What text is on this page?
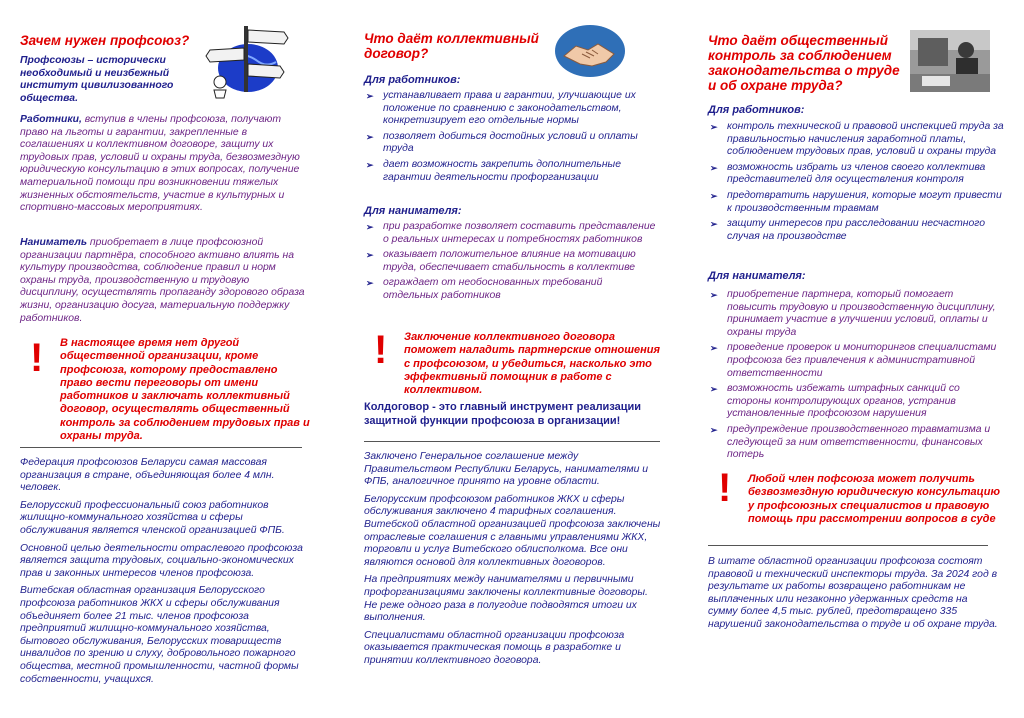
Зачем нужен профсоюз?
Профсоюзы – исторически необходимый и неизбежный институт цивилизованного общества.
Работники, вступив в члены профсоюза, получают право на льготы и гарантии, закрепленные в соглашениях и коллективном договоре, защиту их трудовых прав, условий и охраны труда, безвозмездную юридическую консультацию в этих вопросах, получение материальной помощи при возникновении тяжелых жизненных обстоятельств, участие в культурных и спортивно-массовых мероприятиях.
Наниматель приобретает в лице профсоюзной организации партнёра, способного активно влиять на культуру производства, соблюдение правил и норм охраны труда, производственную и трудовую дисциплину, осуществлять пропаганду здорового образа жизни, организацию досуга, материальную поддержку работников.
! В настоящее время нет другой общественной организации, кроме профсоюза, которому предоставлено право вести переговоры от имени работников и заключать коллективный договор, осуществлять общественный контроль за соблюдением трудовых прав и охраны труда.

Федерация профсоюзов Беларуси самая массовая организация в стране, объединяющая более 4 млн. человек.

Белорусский профессиональный союз работников жилищно-коммунального хозяйства и сферы обслуживания является членской организацией ФПБ.

Основной целью деятельности отраслевого профсоюза является защита трудовых, социально-экономических прав и законных интересов членов профсоюза.

Витебская областная организация Белорусского профсоюза работников ЖКХ и сферы обслуживания объединяет более 21 тыс. членов профсоюза предприятий жилищно-коммунального хозяйства, бытового обслуживания, Белорусских товариществ инвалидов по зрению и слуху, добровольного пожарного общества, местной промышленности, частной формы собственности, учащихся.

Что даёт коллективный договор?
Для работников:
➢ устанавливает права и гарантии, улучшающие их положение по сравнению с законодательством, конкретизирует его отдельные нормы
➢ позволяет добиться достойных условий и оплаты труда
➢ дает возможность закрепить дополнительные гарантии деятельности профорганизации
Для нанимателя:
➢ при разработке позволяет составить представление о реальных интересах и потребностях работников
➢ оказывает положительное влияние на мотивацию труда, обеспечивает стабильность в коллективе
➢ ограждает от необоснованных требований отдельных работников
! Заключение коллективного договора поможет наладить партнерские отношения с профсоюзом, и убедиться, насколько это эффективный помощник в работе с коллективом.
Колдоговор - это главный инструмент реализации защитной функции профсоюза в организации!

Заключено Генеральное соглашение между Правительством Республики Беларусь, нанимателями и ФПБ, аналогичное принято на уровне области.

Белорусским профсоюзом работников ЖКХ и сферы обслуживания заключено 4 тарифных соглашения. Витебской областной организацией профсоюза заключены отраслевые соглашения с главными управлениями ЖКХ, торговли и услуг Витебского облисполкома. Все они являются основой для коллективных договоров.

На предприятиях между нанимателями и первичными профорганизациями заключены коллективные договоры. Не реже одного раза в полугодие подводятся итоги их выполнения.

Специалистами областной организации профсоюза оказывается практическая помощь в разработке и принятии коллективного договора.

Что даёт общественный контроль за соблюдением законодательства о труде и об охране труда?
Для работников:
➢ контроль технической и правовой инспекцией труда за правильностью начисления заработной платы, соблюдением трудовых прав, условий и охраны труда
➢ возможность избрать из членов своего коллектива представителей для осуществления контроля
➢ предотвратить нарушения, которые могут привести к производственным травмам
➢ защиту интересов при расследовании несчастного случая на производстве
Для нанимателя:
➢ приобретение партнера, который помогает повысить трудовую и производственную дисциплину, принимает участие в улучшении условий, оплаты и охраны труда
➢ проведение проверок и мониторингов специалистами профсоюза без привлечения к административной ответственности
➢ возможность избежать штрафных санкций со стороны контролирующих органов, устранив установленные профсоюзом нарушения
➢ предупреждение производственного травматизма и следующей за ним ответственности, финансовых потерь
! Любой член пофсоюза может получить безвозмездную юридическую консультацию у профсоюзных специалистов и правовую помощь при рассмотрении вопросов в суде
В штате областной организации профсоюза состоят правовой и технический инспекторы труда. За 2024 год в результате их работы возвращено работникам не выплаченных или незаконно удержанных средств на сумму более 4,5 тыс. рублей, предотвращено 335 нарушений законодательства о труде и об охране труда.
